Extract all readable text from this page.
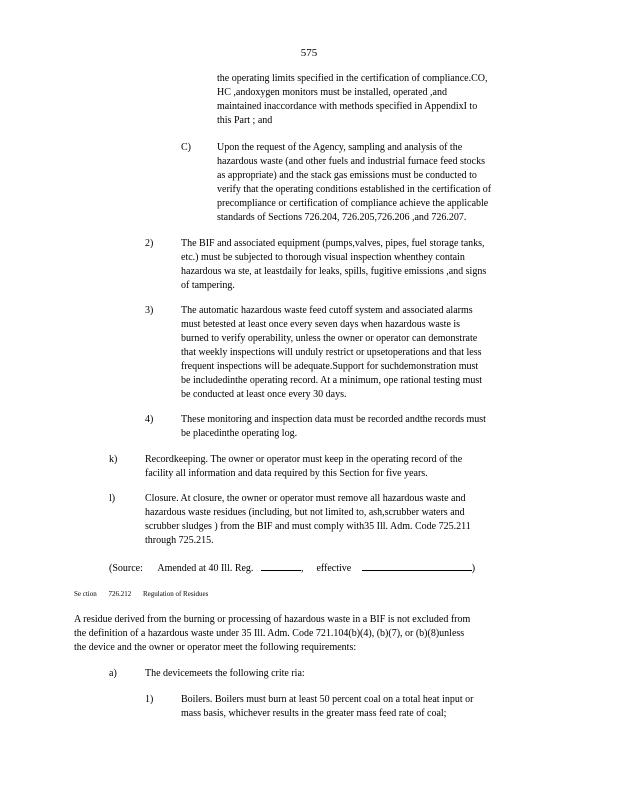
575
the operating limits specified in the certification of compliance.CO,
HC ,andoxygen monitors must be installed, operated ,and
maintained inaccordance with methods specified in AppendixI to
this Part ; and
C)	Upon the request of the Agency, sampling and analysis of the
hazardous waste (and other fuels and industrial furnace feed stocks
as appropriate) and the stack gas emissions must be conducted to
verify that the operating conditions established in the certification of
precompliance or certification of compliance achieve the applicable
standards of Sections 726.204, 726.205,726.206 ,and 726.207.
2)	The BIF and associated equipment (pumps,valves, pipes, fuel storage tanks,
etc.) must be subjected to thorough visual inspection whenthey contain
hazardous wa ste, at leastdaily for leaks, spills, fugitive emissions ,and signs
of tampering.
3)	The automatic hazardous waste feed cutoff system and associated alarms
must betested at least once every seven days when hazardous waste is
burned to verify operability, unless the owner or operator can demonstrate
that weekly inspections will unduly restrict or upsetoperations and that less
frequent inspections will be adequate.Support for suchdemonstration must
be includedinthe operating record. At a minimum, ope rational testing must
be conducted at least once every 30 days.
4)	These monitoring and inspection data must be recorded andthe records must
be placedinthe operating log.
k)	Recordkeeping. The owner or operator must keep in the operating record of the
facility all information and data required by this Section for five years.
l)	Closure. At closure, the owner or operator must remove all hazardous waste and
hazardous waste residues (including, but not limited to, ash,scrubber waters and
scrubber sludges ) from the BIF and must comply with35 Ill. Adm. Code 725.211
through 725.215.
(Source: Amended at 40 Ill. Reg.	, effective	)
Se ction 726.212 Regulation of Residues
A residue derived from the burning or processing of hazardous waste in a BIF is not excluded from
the definition of a hazardous waste under 35 Ill. Adm. Code 721.104(b)(4), (b)(7), or (b)(8)unless
the device and the owner or operator meet the following requirements:
a)	The devicemeets the following crite ria:
1)	Boilers. Boilers must burn at least 50 percent coal on a total heat input or
mass basis, whichever results in the greater mass feed rate of coal;
